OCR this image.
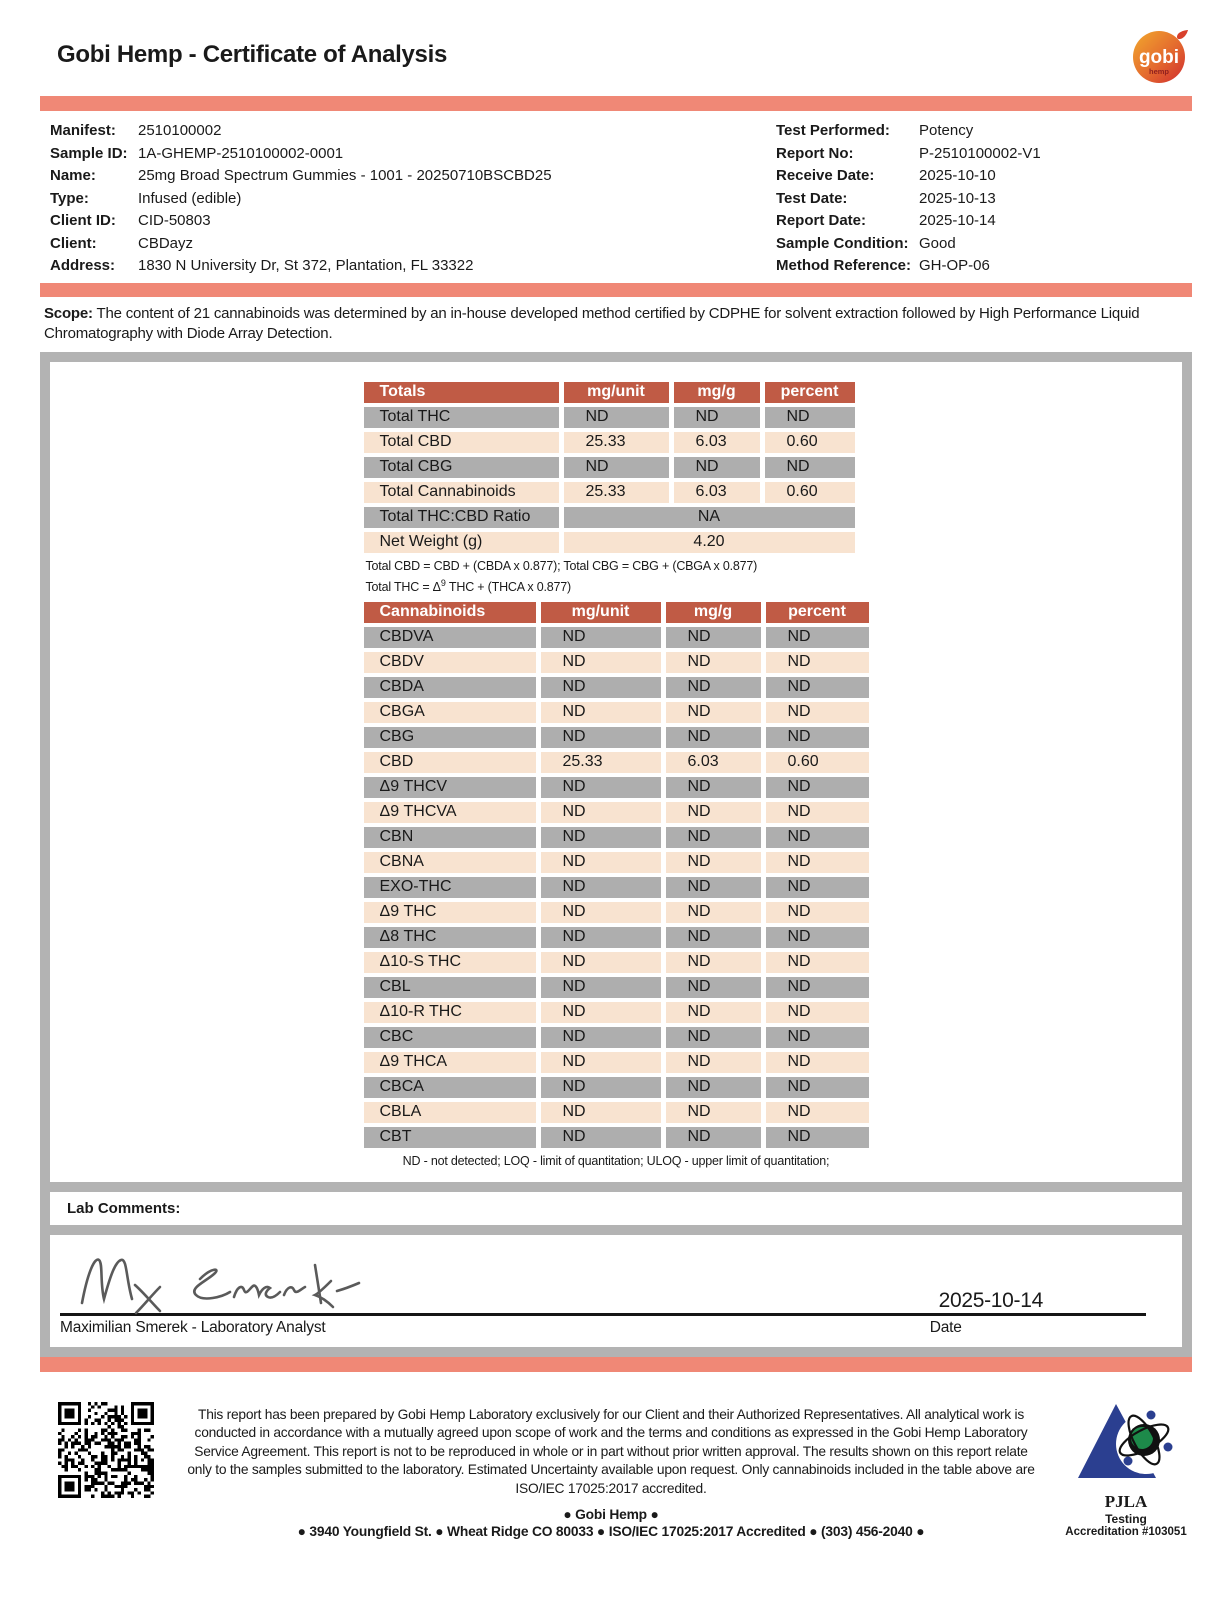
Gobi Hemp - Certificate of Analysis	gobi
hemp
Manifest:	2510100002
Sample ID: 1A-GHEMP-2510100002-0001
Name:	25mg Broad Spectrum Gummies - 1001 - 20250710BSCBD25
Type:	Infused (edible)
Client ID:	CID-50803
Client:	CBDayz
Address:	1830 N University Dr, St 372, Plantation, FL 33322
Test Performed:	Potency
Report No:	P-2510100002-V1
Receive Date:	2025-10-10
Test Date:	2025-10-13
Report Date:	2025-10-14
Sample Condition: Good
Method Reference: GH-OP-06

Scope: The content of 21 cannabinoids was determined by an in-house developed method certified by CDPHE for solvent extraction followed by High Performance Liquid Chromatography with Diode Array Detection.

Totals	mg/unit	mg/g	percent
Total THC	ND	ND	ND
Total CBD	25.33	6.03	0.60
Total CBG	ND	ND	ND
Total Cannabinoids	25.33	6.03	0.60
Total THC:CBD Ratio	NA		
Net Weight (g)	4.20		
Total CBD = CBD + (CBDA x 0.877); Total CBG = CBG + (CBGA x 0.877)
Total THC = $\Delta^9$ THC + (THCA x 0.877)
Cannabinoids	mg/unit	mg/g	percent
CBDVA	ND	ND	ND
CBDV	ND	ND	ND
CBDA	ND	ND	ND
CBGA	ND	ND	ND
CBG	ND	ND	ND
CBD	25.33	6.03	0.60
Δ9 THCV	ND	ND	ND
Δ9 THCVA	ND	ND	ND
CBN	ND	ND	ND
CBNA	ND	ND	ND
EXO-THC	ND	ND	ND
Δ9 THC	ND	ND	ND
Δ8 THC	ND	ND	ND
Δ10-S THC	ND	ND	ND
CBL	ND	ND	ND
Δ10-R THC	ND	ND	ND
CBC	ND	ND	ND
Δ9 THCA	ND	ND	ND
CBCA	ND	ND	ND
CBLA	ND	ND	ND
CBT	ND	ND	ND
ND - not detected; LOQ - limit of quantitation; ULOQ - upper limit of quantitation;
Lab Comments:
2025-10-14
Maximilian Smerek - Laboratory Analyst	Date
This report has been prepared by Gobi Hemp Laboratory exclusively for our Client and their Authorized Representatives. All analytical work is conducted in accordance with a mutually agreed upon scope of work and the terms and conditions as expressed in the Gobi Hemp Laboratory Service Agreement. This report is not to be reproduced in whole or in part without prior written approval. The results shown on this report relate only to the samples submitted to the laboratory. Estimated Uncertainty available upon request. Only cannabinoids included in the table above are ISO/IEC 17025:2017 accredited.
● Gobi Hemp ●
● 3940 Youngfield St. ● Wheat Ridge CO 80033 ● ISO/IEC 17025:2017 Accredited ● (303) 456-2040 ●
PJLA
Testing
Accreditation #103051
